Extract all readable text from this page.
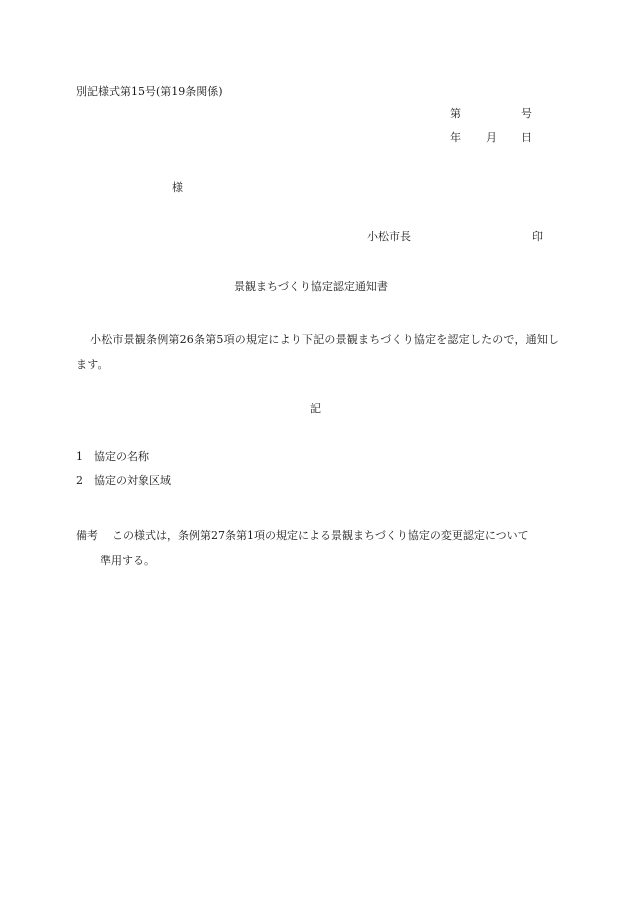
別記様式第15号(第19条関係)
第	号
年 月 日
様
小松市長	印
景観まちづくり協定認定通知書
小松市景観条例第26条第5項の規定により下記の景観まちづくり協定を認定したので，通知します。
記
1 協定の名称
2 協定の対象区域
備考 この様式は，条例第27条第1項の規定による景観まちづくり協定の変更認定について
準用する。
